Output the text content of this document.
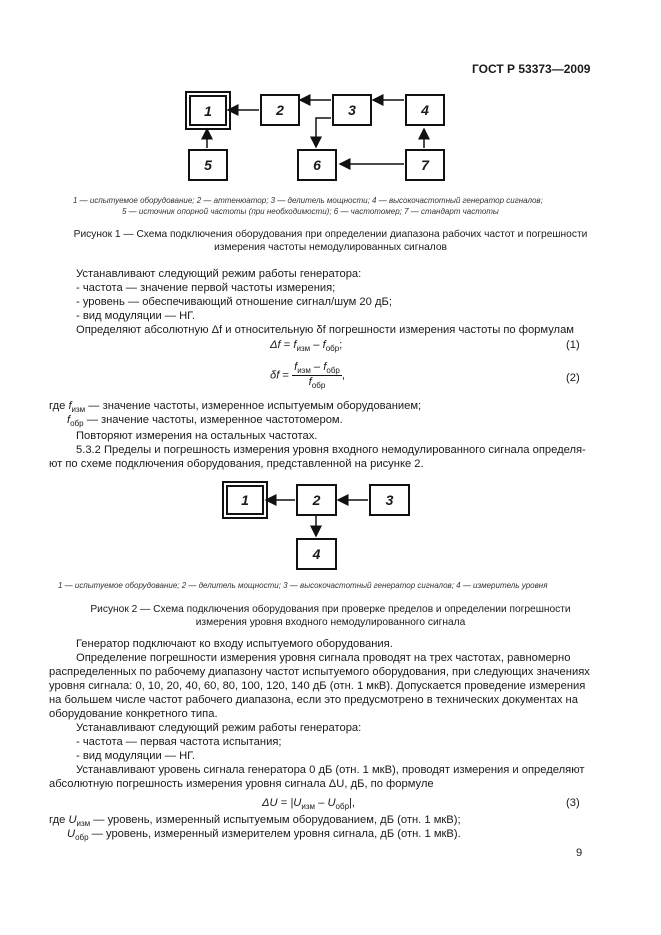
ГОСТ Р 53373—2009
1	2	3	4
5	6	7
1 — испытуемое оборудование; 2 — аттенюатор; 3 — делитель мощности; 4 — высокочастотный генератор сигналов;
5 — источник опорной частоты (при необходимости); 6 — частотомер; 7 — стандарт частоты
Рисунок 1 — Схема подключения оборудования при определении диапазона рабочих частот и погрешности
измерения частоты немодулированных сигналов
Устанавливают следующий режим работы генератора:
- частота — значение первой частоты измерения;
- уровень — обеспечивающий отношение сигнал/шум 20 дБ;
- вид модуляции — НГ.
Определяют абсолютную Δf и относительную δf погрешности измерения частоты по формулам
$\Delta f = f_{изм} - f_{обр}$;	(1)
$\delta f = \frac{f_{изм} - f_{обр}}{f_{обр}}$ ,	(2)
где $f_{изм}$ — значение частоты, измеренное испытуемым оборудованием;
$f_{обр}$ — значение частоты, измеренное частотомером.
Повторяют измерения на остальных частотах.
5.3.2 Пределы и погрешность измерения уровня входного немодулированного сигнала определя-
ют по схеме подключения оборудования, представленной на рисунке 2.
1	2	3
4
1 — испытуемое оборудование; 2 — делитель мощности; 3 — высокочастотный генератор сигналов; 4 — измеритель уровня
Рисунок 2 — Схема подключения оборудования при проверке пределов и определении погрешности
измерения уровня входного немодулированного сигнала
Генератор подключают ко входу испытуемого оборудования.
Определение погрешности измерения уровня сигнала проводят на трех частотах, равномерно
распределенных по рабочему диапазону частот испытуемого оборудования, при следующих значениях
уровня сигнала: 0, 10, 20, 40, 60, 80, 100, 120, 140 дБ (отн. 1 мкВ). Допускается проведение измерения
на большем числе частот рабочего диапазона, если это предусмотрено в технических документах на
оборудование конкретного типа.
Устанавливают следующий режим работы генератора:
- частота — первая частота испытания;
- вид модуляции — НГ.
Устанавливают уровень сигнала генератора 0 дБ (отн. 1 мкВ), проводят измерения и определяют
абсолютную погрешность измерения уровня сигнала ΔU, дБ, по формуле
$\Delta U = |U_{изм} - U_{обр}|$,	(3)
где $U_{изм}$ — уровень, измеренный испытуемым оборудованием, дБ (отн. 1 мкВ);
$U_{обр}$ — уровень, измеренный измерителем уровня сигнала, дБ (отн. 1 мкВ).
9
